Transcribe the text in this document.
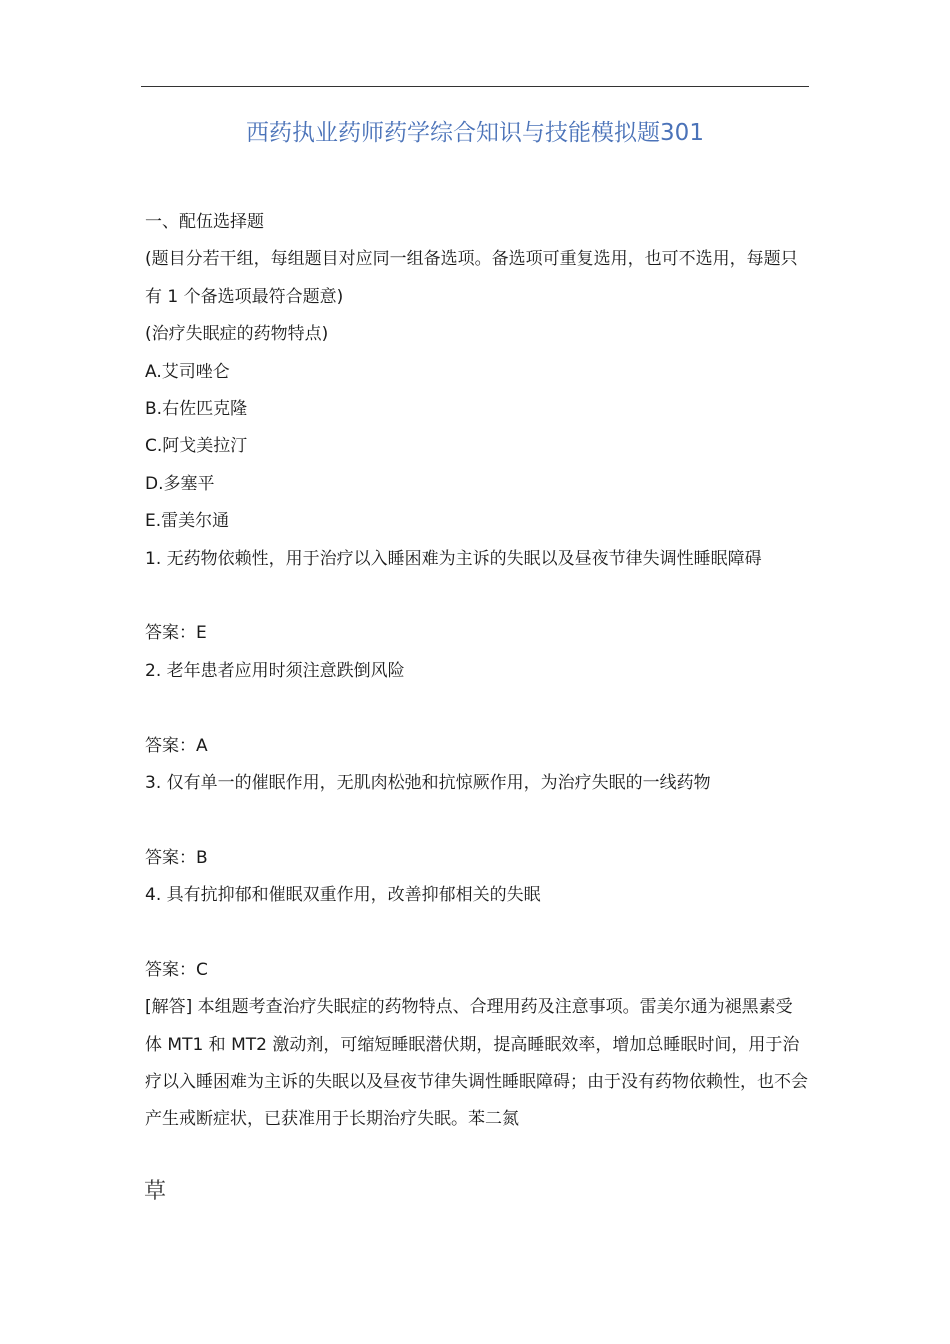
西药执业药师药学综合知识与技能模拟题301
一、配伍选择题
(题目分若干组，每组题目对应同一组备选项。备选项可重复选用，也可不选用，每题只有 1 个备选项最符合题意)
(治疗失眠症的药物特点)
A.艾司唑仑
B.右佐匹克隆
C.阿戈美拉汀
D.多塞平
E.雷美尔通
1. 无药物依赖性，用于治疗以入睡困难为主诉的失眠以及昼夜节律失调性睡眠障碍
答案：E
2. 老年患者应用时须注意跌倒风险
答案：A
3. 仅有单一的催眠作用，无肌肉松弛和抗惊厥作用，为治疗失眠的一线药物
答案：B
4. 具有抗抑郁和催眠双重作用，改善抑郁相关的失眠
答案：C
[解答] 本组题考查治疗失眠症的药物特点、合理用药及注意事项。雷美尔通为褪黑素受体 MT1 和 MT2 激动剂，可缩短睡眠潜伏期，提高睡眠效率，增加总睡眠时间，用于治疗以入睡困难为主诉的失眠以及昼夜节律失调性睡眠障碍；由于没有药物依赖性，也不会产生戒断症状，已获准用于长期治疗失眠。苯二氮
草
